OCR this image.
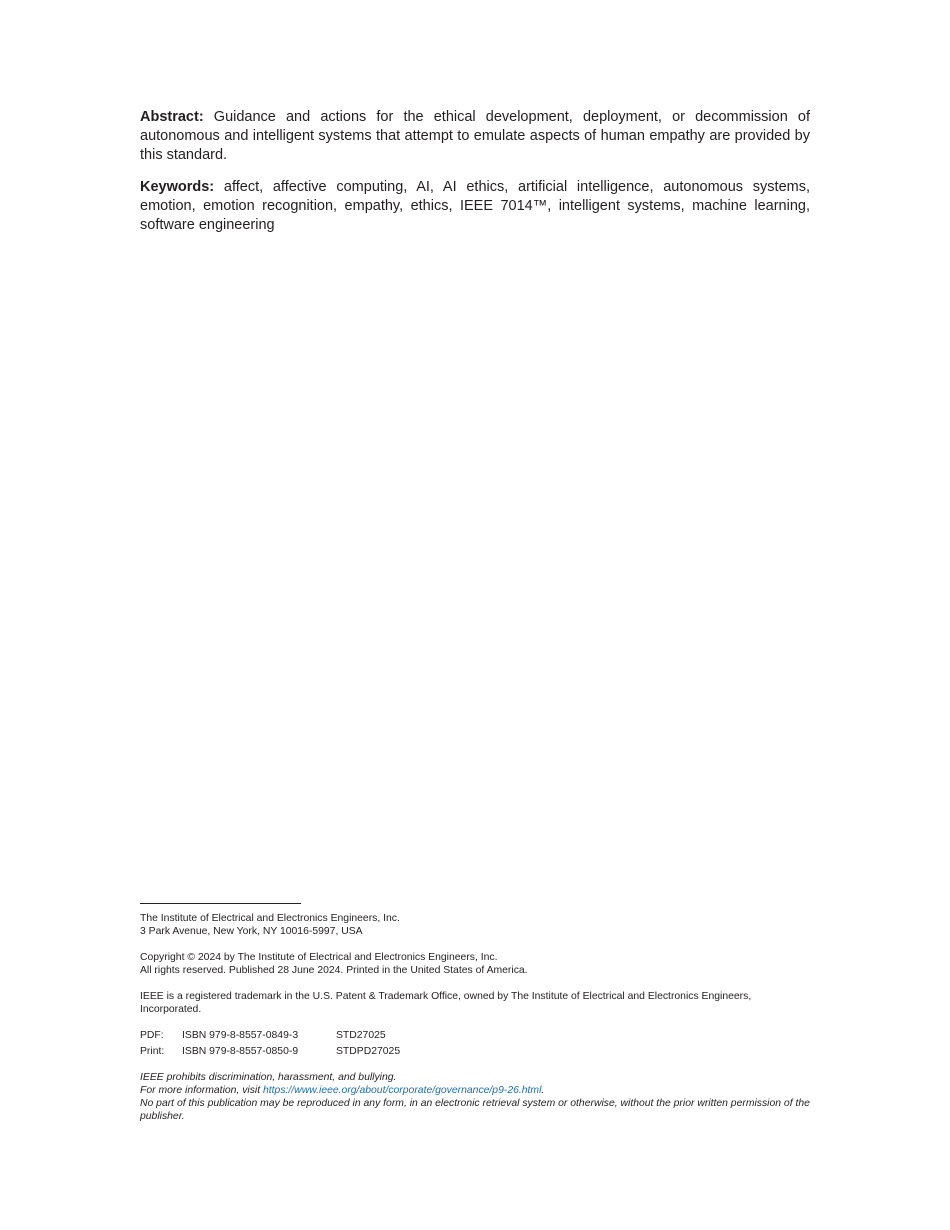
Abstract: Guidance and actions for the ethical development, deployment, or decommission of autonomous and intelligent systems that attempt to emulate aspects of human empathy are provided by this standard.

Keywords: affect, affective computing, AI, AI ethics, artificial intelligence, autonomous systems, emotion, emotion recognition, empathy, ethics, IEEE 7014™, intelligent systems, machine learning, software engineering

The Institute of Electrical and Electronics Engineers, Inc.
3 Park Avenue, New York, NY 10016-5997, USA
Copyright © 2024 by The Institute of Electrical and Electronics Engineers, Inc.
All rights reserved. Published 28 June 2024. Printed in the United States of America.
IEEE is a registered trademark in the U.S. Patent & Trademark Office, owned by The Institute of Electrical and Electronics Engineers, Incorporated.
PDF:	ISBN 979-8-8557-0849-3	STD27025
Print:	ISBN 979-8-8557-0850-9	STDPD27025
IEEE prohibits discrimination, harassment, and bullying.
For more information, visit https://www.ieee.org/about/corporate/governance/p9-26.html.
No part of this publication may be reproduced in any form, in an electronic retrieval system or otherwise, without the prior written permission of the publisher.
